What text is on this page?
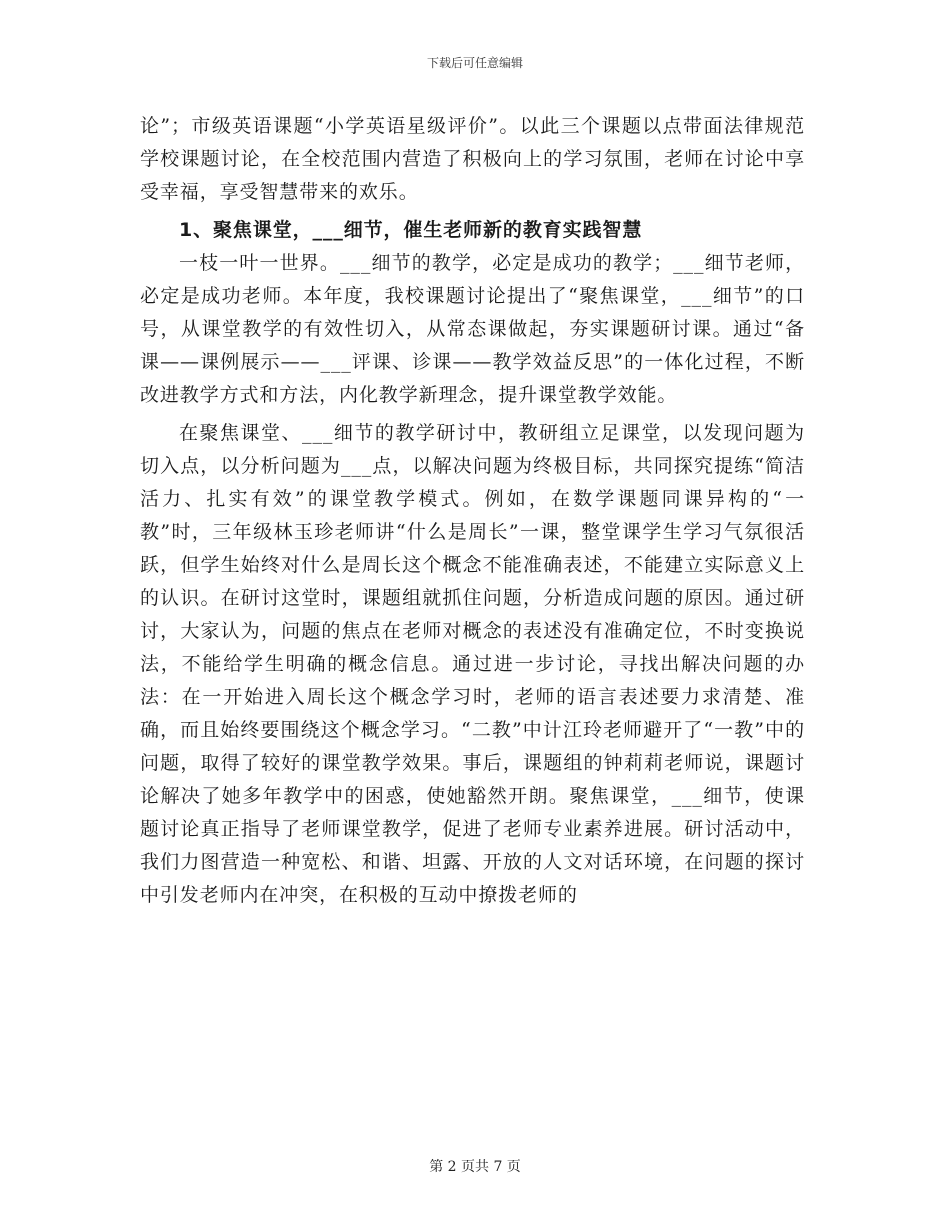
下载后可任意编辑

论”；市级英语课题“小学英语星级评价”。以此三个课题以点带面法律规范学校课题讨论，在全校范围内营造了积极向上的学习氛围，老师在讨论中享受幸福，享受智慧带来的欢乐。

1、聚焦课堂，___细节，催生老师新的教育实践智慧

一枝一叶一世界。___细节的教学，必定是成功的教学；___细节老师，必定是成功老师。本年度，我校课题讨论提出了“聚焦课堂，___细节”的口号，从课堂教学的有效性切入，从常态课做起，夯实课题研讨课。通过“备课——课例展示——___评课、诊课——教学效益反思”的一体化过程，不断改进教学方式和方法，内化教学新理念，提升课堂教学效能。

在聚焦课堂、___细节的教学研讨中，教研组立足课堂，以发现问题为切入点，以分析问题为___点，以解决问题为终极目标，共同探究提练“简洁活力、扎实有效”的课堂教学模式。例如，在数学课题同课异构的“一教”时，三年级林玉珍老师讲“什么是周长”一课，整堂课学生学习气氛很活跃，但学生始终对什么是周长这个概念不能准确表述，不能建立实际意义上的认识。在研讨这堂时，课题组就抓住问题，分析造成问题的原因。通过研讨，大家认为，问题的焦点在老师对概念的表述没有准确定位，不时变换说法，不能给学生明确的概念信息。通过进一步讨论，寻找出解决问题的办法：在一开始进入周长这个概念学习时，老师的语言表述要力求清楚、准确，而且始终要围绕这个概念学习。“二教”中计江玲老师避开了“一教”中的问题，取得了较好的课堂教学效果。事后，课题组的钟莉莉老师说，课题讨论解决了她多年教学中的困惑，使她豁然开朗。聚焦课堂，___细节，使课题讨论真正指导了老师课堂教学，促进了老师专业素养进展。研讨活动中，我们力图营造一种宽松、和谐、坦露、开放的人文对话环境，在问题的探讨中引发老师内在冲突，在积极的互动中撩拨老师的

第 2 页共 7 页
